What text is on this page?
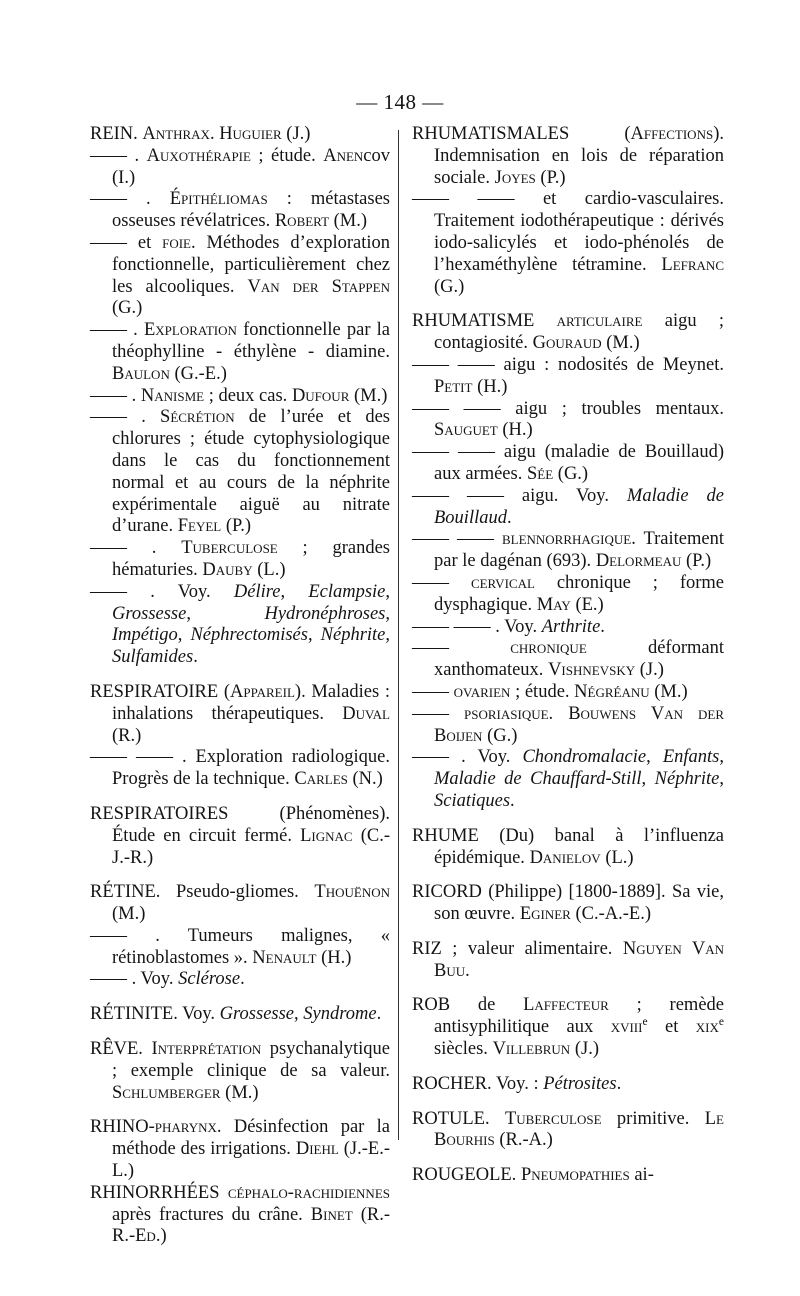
— 148 —
REIN. Anthrax. Huguier (J.)
—— . Auxothérapie ; étude. Anencov (I.)
—— . Épithéliomas : métastases osseuses révélatrices. Robert (M.)
—— et foie. Méthodes d’exploration fonctionnelle, particulièrement chez les alcooliques. Van der Stappen (G.)
—— . Exploration fonctionnelle par la théophylline - éthylène - diamine. Baulon (G.-E.)
—— . Nanisme ; deux cas. Dufour (M.)
—— . Sécrétion de l’urée et des chlorures ; étude cytophysiologique dans le cas du fonctionnement normal et au cours de la néphrite expérimentale aiguë au nitrate d’urane. Feyel (P.)
—— . Tuberculose ; grandes hématuries. Dauby (L.)
—— . Voy. Délire, Eclampsie, Grossesse, Hydronéphroses, Impétigo, Néphrectomisés, Néphrite, Sulfamides.
RESPIRATOIRE (Appareil). Maladies : inhalations thérapeutiques. Duval (R.)
—— —— . Exploration radiologique. Progrès de la technique. Carles (N.)
RESPIRATOIRES (Phénomènes). Étude en circuit fermé. Lignac (C.-J.-R.)
RÉTINE. Pseudo-gliomes. Thouënon (M.)
—— . Tumeurs malignes, « rétinoblastomes ». Nenault (H.)
—— . Voy. Sclérose.
RÉTINITE. Voy. Grossesse, Syndrome.
RÊVE. Interprétation psychanalytique ; exemple clinique de sa valeur. Schlumberger (M.)
RHINO-pharynx. Désinfection par la méthode des irrigations. Diehl (J.-E.-L.)
RHINORRHÉES céphalo-rachidiennes après fractures du crâne. Binet (R.-R.-Ed.)
RHUMATISMALES (Affections). Indemnisation en lois de réparation sociale. Joyes (P.)
—— —— et cardio-vasculaires. Traitement iodothérapeutique : dérivés iodo-salicylés et iodo-phénolés de l’hexaméthylène tétramine. Lefranc (G.)
RHUMATISME articulaire aigu ; contagiosité. Gouraud (M.)
—— —— aigu : nodosités de Meynet. Petit (H.)
—— —— aigu ; troubles mentaux. Sauguet (H.)
—— —— aigu (maladie de Bouillaud) aux armées. Sée (G.)
—— —— aigu. Voy. Maladie de Bouillaud.
—— —— blennorrhagique. Traitement par le dagénan (693). Delormeau (P.)
—— cervical chronique ; forme dysphagique. May (E.)
—— —— . Voy. Arthrite.
—— chronique déformant xanthomateux. Vishnevsky (J.)
—— ovarien ; étude. Négréanu (M.)
—— psoriasique. Bouwens Van der Boijen (G.)
—— . Voy. Chondromalacie, Enfants, Maladie de Chauffard-Still, Néphrite, Sciatiques.
RHUME (Du) banal à l’influenza épidémique. Danielov (L.)
RICORD (Philippe) [1800-1889]. Sa vie, son œuvre. Eginer (C.-A.-E.)
RIZ ; valeur alimentaire. Nguyen Van Buu.
ROB de Laffecteur ; remède antisyphilitique aux xviii$^e$ et xix$^e$ siècles. Villebrun (J.)
ROCHER. Voy. : Pétrosites.
ROTULE. Tuberculose primitive. Le Bourhis (R.-A.)
ROUGEOLE. Pneumopathies ai-
